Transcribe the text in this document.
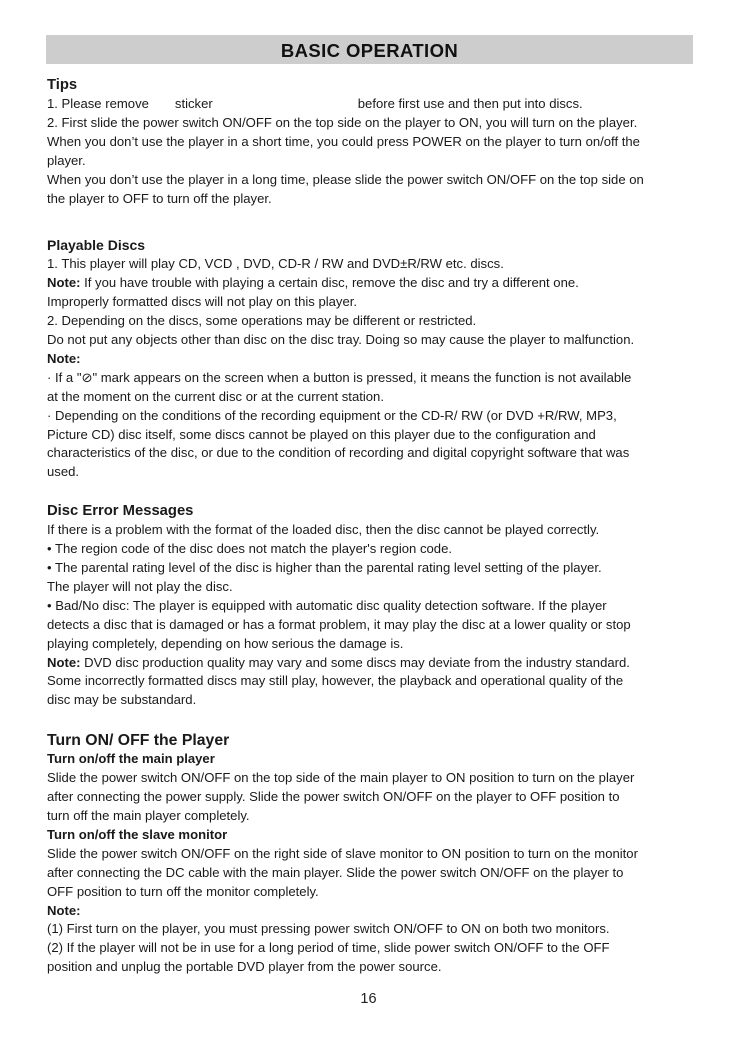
BASIC OPERATION
Tips

1. Please remove sticker	before first use and then put into discs.

2. First slide the power switch ON/OFF on the top side on the player to ON, you will turn on the player.

When you don’t use the player in a short time, you could press POWER on the player to turn on/off the

player.

When you don’t use the player in a long time, please slide the power switch ON/OFF on the top side on

the player to OFF to turn off the player.

Playable Discs

1. This player will play CD, VCD , DVD, CD-R / RW and DVD±R/RW etc. discs.

Note: If you have trouble with playing a certain disc, remove the disc and try a different one.

Improperly formatted discs will not play on this player.

2. Depending on the discs, some operations may be different or restricted.

Do not put any objects other than disc on the disc tray. Doing so may cause the player to malfunction.

Note:

· If a "⊘" mark appears on the screen when a button is pressed, it means the function is not available

at the moment on the current disc or at the current station.

· Depending on the conditions of the recording equipment or the CD-R/ RW (or DVD +R/RW, MP3,

Picture CD) disc itself, some discs cannot be played on this player due to the configuration and

characteristics of the disc, or due to the condition of recording and digital copyright software that was

used.

Disc Error Messages

If there is a problem with the format of the loaded disc, then the disc cannot be played correctly.

• The region code of the disc does not match the player's region code.

• The parental rating level of the disc is higher than the parental rating level setting of the player.

The player will not play the disc.

• Bad/No disc: The player is equipped with automatic disc quality detection software. If the player

detects a disc that is damaged or has a format problem, it may play the disc at a lower quality or stop

playing completely, depending on how serious the damage is.

Note: DVD disc production quality may vary and some discs may deviate from the industry standard.

Some incorrectly formatted discs may still play, however, the playback and operational quality of the

disc may be substandard.

Turn ON/ OFF the Player
Turn on/off the main player

Slide the power switch ON/OFF on the top side of the main player to ON position to turn on the player

after connecting the power supply. Slide the power switch ON/OFF on the player to OFF position to

turn off the main player completely.

Turn on/off the slave monitor

Slide the power switch ON/OFF on the right side of slave monitor to ON position to turn on the monitor

after connecting the DC cable with the main player. Slide the power switch ON/OFF on the player to

OFF position to turn off the monitor completely.

Note:

(1) First turn on the player, you must pressing power switch ON/OFF to ON on both two monitors.

(2) If the player will not be in use for a long period of time, slide power switch ON/OFF to the OFF

position and unplug the portable DVD player from the power source.

16
